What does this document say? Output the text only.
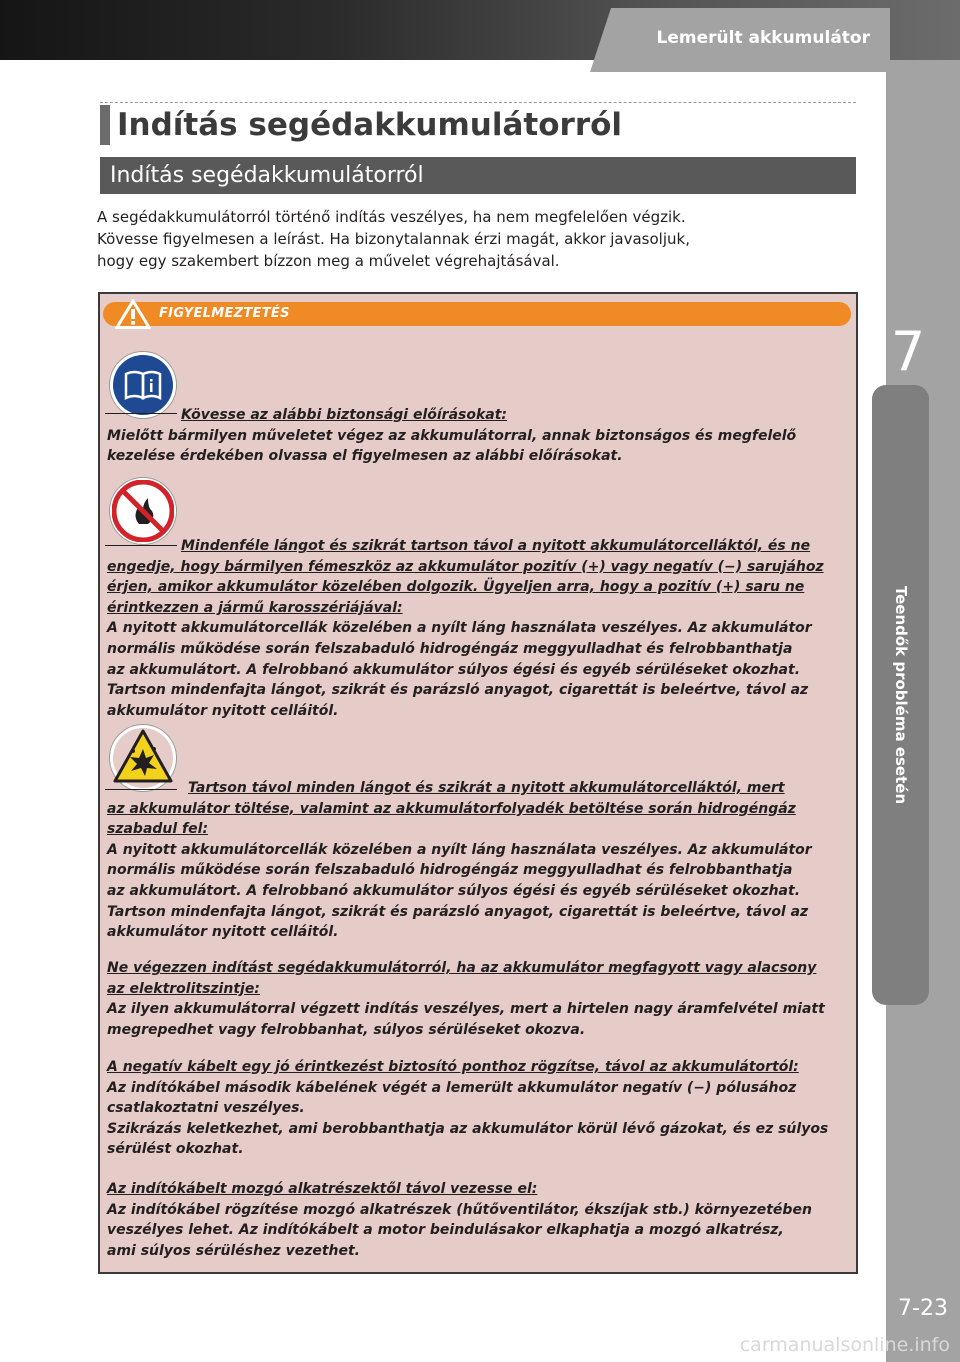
Lemerült akkumulátor
7
Teendők probléma esetén
7-23
carmanualsonline.info
Indítás segédakkumulátorról
Indítás segédakkumulátorról
A segédakkumulátorról történő indítás veszélyes, ha nem megfelelően végzik.
Kövesse figyelmesen a leírást. Ha bizonytalannak érzi magát, akkor javasoljuk,
hogy egy szakembert bízzon meg a művelet végrehajtásával.
FIGYELMEZTETÉS
Kövesse az alábbi biztonsági előírásokat:
Mielőtt bármilyen műveletet végez az akkumulátorral, annak biztonságos és megfelelő
kezelése érdekében olvassa el figyelmesen az alábbi előírásokat.
Mindenféle lángot és szikrát tartson távol a nyitott akkumulátorcelláktól, és ne
engedje, hogy bármilyen fémeszköz az akkumulátor pozitív (+) vagy negatív (−) sarujához
érjen, amikor akkumulátor közelében dolgozik. Ügyeljen arra, hogy a pozitív (+) saru ne
érintkezzen a jármű karosszériájával:
A nyitott akkumulátorcellák közelében a nyílt láng használata veszélyes. Az akkumulátor
normális működése során felszabaduló hidrogéngáz meggyulladhat és felrobbanthatja
az akkumulátort. A felrobbanó akkumulátor súlyos égési és egyéb sérüléseket okozhat.
Tartson mindenfajta lángot, szikrát és parázsló anyagot, cigarettát is beleértve, távol az
akkumulátor nyitott celláitól.
Tartson távol minden lángot és szikrát a nyitott akkumulátorcelláktól, mert
az akkumulátor töltése, valamint az akkumulátorfolyadék betöltése során hidrogéngáz
szabadul fel:
A nyitott akkumulátorcellák közelében a nyílt láng használata veszélyes. Az akkumulátor
normális működése során felszabaduló hidrogéngáz meggyulladhat és felrobbanthatja
az akkumulátort. A felrobbanó akkumulátor súlyos égési és egyéb sérüléseket okozhat.
Tartson mindenfajta lángot, szikrát és parázsló anyagot, cigarettát is beleértve, távol az
akkumulátor nyitott celláitól.
Ne végezzen indítást segédakkumulátorról, ha az akkumulátor megfagyott vagy alacsony
az elektrolitszintje:
Az ilyen akkumulátorral végzett indítás veszélyes, mert a hirtelen nagy áramfelvétel miatt
megrepedhet vagy felrobbanhat, súlyos sérüléseket okozva.
A negatív kábelt egy jó érintkezést biztosító ponthoz rögzítse, távol az akkumulátortól:
Az indítókábel második kábelének végét a lemerült akkumulátor negatív (−) pólusához
csatlakoztatni veszélyes.
Szikrázás keletkezhet, ami berobbanthatja az akkumulátor körül lévő gázokat, és ez súlyos
sérülést okozhat.
Az indítókábelt mozgó alkatrészektől távol vezesse el:
Az indítókábel rögzítése mozgó alkatrészek (hűtőventilátor, ékszíjak stb.) környezetében
veszélyes lehet. Az indítókábelt a motor beindulásakor elkaphatja a mozgó alkatrész,
ami súlyos sérüléshez vezethet.
